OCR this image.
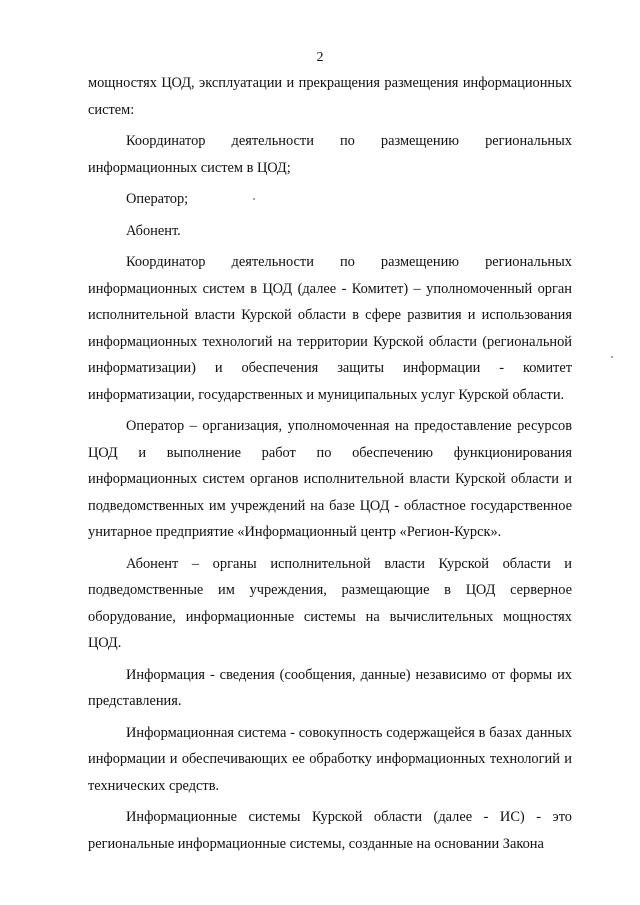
2

мощностях ЦОД, эксплуатации и прекращения размещения информационных систем:

Координатор деятельности по размещению региональных информационных систем в ЦОД;

Оператор;

Абонент.

Координатор деятельности по размещению региональных информационных систем в ЦОД (далее - Комитет) – уполномоченный орган исполнительной власти Курской области в сфере развития и использования информационных технологий на территории Курской области (региональной информатизации) и обеспечения защиты информации - комитет информатизации, государственных и муниципальных услуг Курской области.

Оператор – организация, уполномоченная на предоставление ресурсов ЦОД и выполнение работ по обеспечению функционирования информационных систем органов исполнительной власти Курской области и подведомственных им учреждений на базе ЦОД - областное государственное унитарное предприятие «Информационный центр «Регион-Курск».

Абонент – органы исполнительной власти Курской области и подведомственные им учреждения, размещающие в ЦОД серверное оборудование, информационные системы на вычислительных мощностях ЦОД.

Информация - сведения (сообщения, данные) независимо от формы их представления.

Информационная система - совокупность содержащейся в базах данных информации и обеспечивающих ее обработку информационных технологий и технических средств.

Информационные системы Курской области (далее - ИС) - это региональные информационные системы, созданные на основании Закона
